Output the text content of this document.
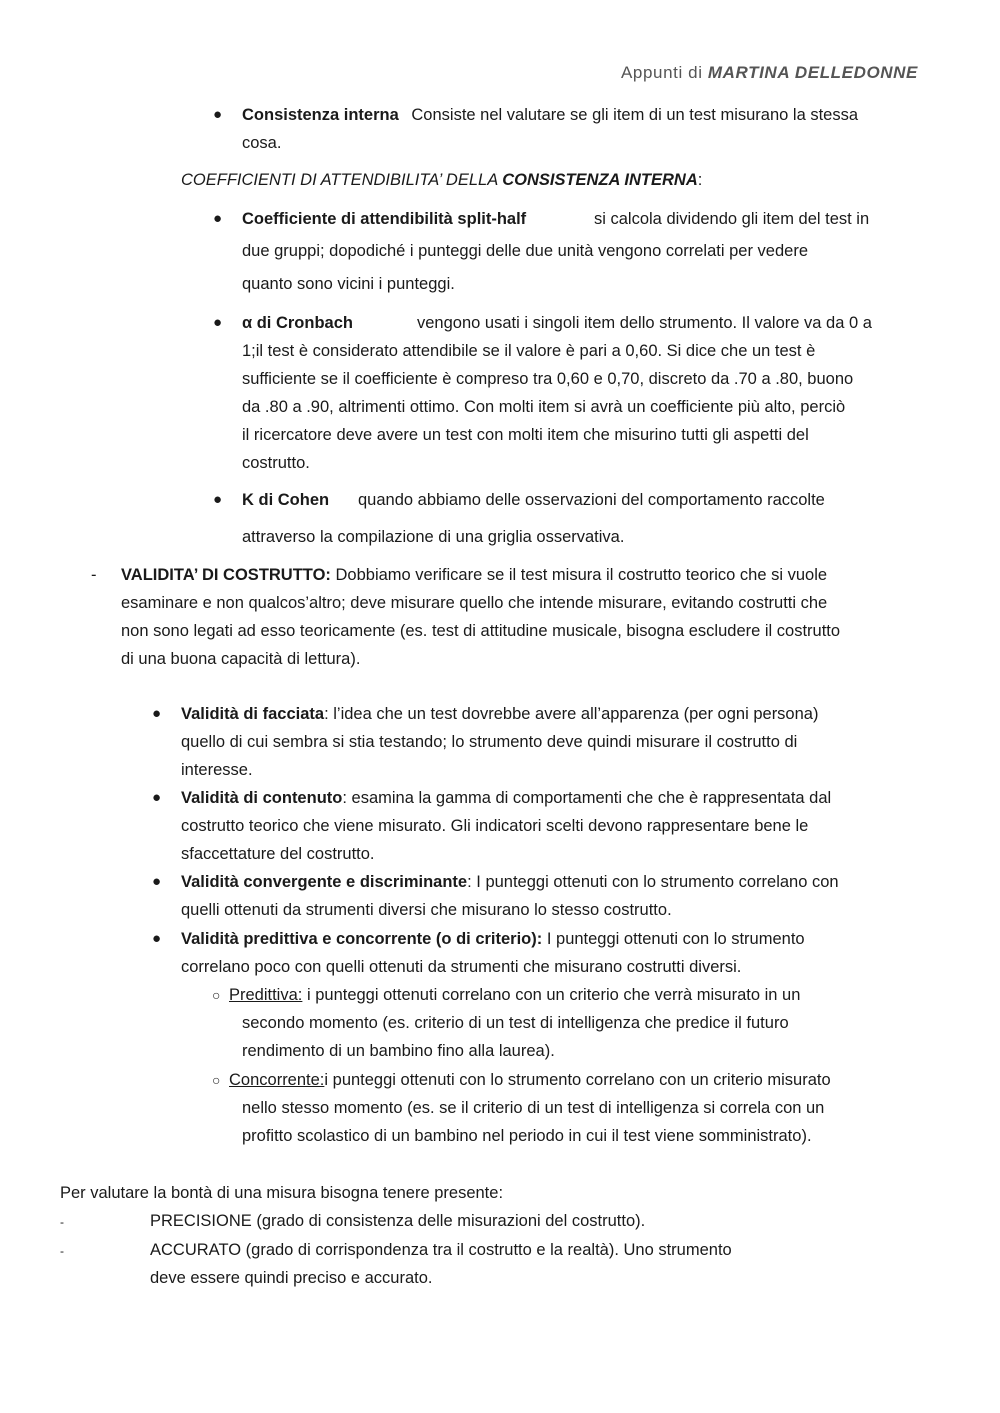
Appunti di MARTINA DELLEDONNE
● Consistenza interna Consiste nel valutare se gli item di un test misurano la stessa
cosa.
COEFFICIENTI DI ATTENDIBILITA’ DELLA CONSISTENZA INTERNA:
● Coefficiente di attendibilità split-half	si calcola dividendo gli item del test in
due gruppi; dopodiché i punteggi delle due unità vengono correlati per vedere
quanto sono vicini i punteggi.
● α di Cronbach	vengono usati i singoli item dello strumento. Il valore va da 0 a
1;il test è considerato attendibile se il valore è pari a 0,60. Si dice che un test è
sufficiente se il coefficiente è compreso tra 0,60 e 0,70, discreto da .70 a .80, buono
da .80 a .90, altrimenti ottimo. Con molti item si avrà un coefficiente più alto, perciò
il ricercatore deve avere un test con molti item che misurino tutti gli aspetti del
costrutto.
● K di Cohen quando abbiamo delle osservazioni del comportamento raccolte
attraverso la compilazione di una griglia osservativa.
- VALIDITA’ DI COSTRUTTO: Dobbiamo verificare se il test misura il costrutto teorico che si vuole
esaminare e non qualcos’altro; deve misurare quello che intende misurare, evitando costrutti che
non sono legati ad esso teoricamente (es. test di attitudine musicale, bisogna escludere il costrutto
di una buona capacità di lettura).
● Validità di facciata: l’idea che un test dovrebbe avere all’apparenza (per ogni persona)
quello di cui sembra si stia testando; lo strumento deve quindi misurare il costrutto di
interesse.
● Validità di contenuto: esamina la gamma di comportamenti che che è rappresentata dal
costrutto teorico che viene misurato. Gli indicatori scelti devono rappresentare bene le
sfaccettature del costrutto.
● Validità convergente e discriminante: I punteggi ottenuti con lo strumento correlano con
quelli ottenuti da strumenti diversi che misurano lo stesso costrutto.
● Validità predittiva e concorrente (o di criterio): I punteggi ottenuti con lo strumento
correlano poco con quelli ottenuti da strumenti che misurano costrutti diversi.
○ Predittiva: i punteggi ottenuti correlano con un criterio che verrà misurato in un
secondo momento (es. criterio di un test di intelligenza che predice il futuro
rendimento di un bambino fino alla laurea).
○ Concorrente:i punteggi ottenuti con lo strumento correlano con un criterio misurato
nello stesso momento (es. se il criterio di un test di intelligenza si correla con un
profitto scolastico di un bambino nel periodo in cui il test viene somministrato).
Per valutare la bontà di una misura bisogna tenere presente:
-	PRECISIONE (grado di consistenza delle misurazioni del costrutto).
-	ACCURATO (grado di corrispondenza tra il costrutto e la realtà). Uno strumento
deve essere quindi preciso e accurato.
